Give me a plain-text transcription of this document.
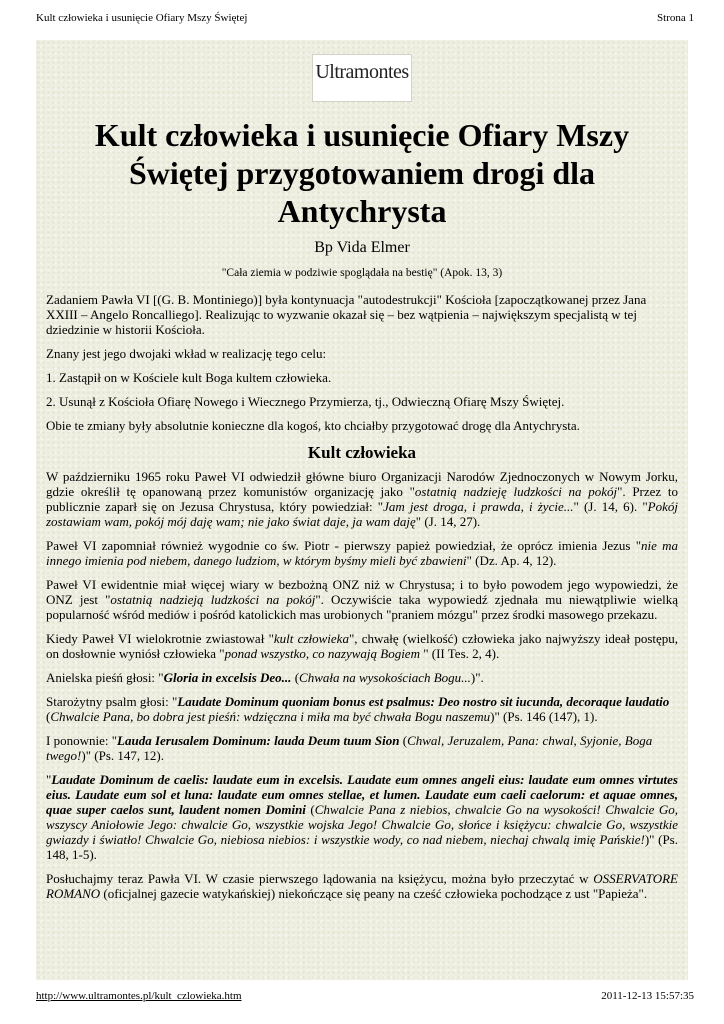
Kult człowieka i usunięcie Ofiary Mszy Świętej	Strona 1
Ultramontes
Kult człowieka i usunięcie Ofiary Mszy Świętej przygotowaniem drogi dla Antychrysta
Bp Vida Elmer
"Cała ziemia w podziwie spoglądała na bestię" (Apok. 13, 3)

Zadaniem Pawła VI [(G. B. Montiniego)] była kontynuacja "autodestrukcji" Kościoła [zapoczątkowanej przez Jana XXIII – Angelo Roncalliego]. Realizując to wyzwanie okazał się – bez wątpienia – największym specjalistą w tej dziedzinie w historii Kościoła.

Znany jest jego dwojaki wkład w realizację tego celu:

1. Zastąpił on w Kościele kult Boga kultem człowieka.

2. Usunął z Kościoła Ofiarę Nowego i Wiecznego Przymierza, tj., Odwieczną Ofiarę Mszy Świętej.

Obie te zmiany były absolutnie konieczne dla kogoś, kto chciałby przygotować drogę dla Antychrysta.

Kult człowieka

W październiku 1965 roku Paweł VI odwiedził główne biuro Organizacji Narodów Zjednoczonych w Nowym Jorku, gdzie określił tę opanowaną przez komunistów organizację jako "ostatnią nadzieję ludzkości na pokój". Przez to publicznie zaparł się on Jezusa Chrystusa, który powiedział: "Jam jest droga, i prawda, i życie..." (J. 14, 6). "Pokój zostawiam wam, pokój mój daję wam; nie jako świat daje, ja wam daję" (J. 14, 27).

Paweł VI zapomniał również wygodnie co św. Piotr - pierwszy papież powiedział, że oprócz imienia Jezus "nie ma innego imienia pod niebem, danego ludziom, w którym byśmy mieli być zbawieni" (Dz. Ap. 4, 12).

Paweł VI ewidentnie miał więcej wiary w bezbożną ONZ niż w Chrystusa; i to było powodem jego wypowiedzi, że ONZ jest "ostatnią nadzieją ludzkości na pokój". Oczywiście taka wypowiedź zjednała mu niewątpliwie wielką popularność wśród mediów i pośród katolickich mas urobionych "praniem mózgu" przez środki masowego przekazu.

Kiedy Paweł VI wielokrotnie zwiastował "kult człowieka", chwałę (wielkość) człowieka jako najwyższy ideał postępu, on dosłownie wyniósł człowieka "ponad wszystko, co nazywają Bogiem " (II Tes. 2, 4).

Anielska pieśń głosi: "Gloria in excelsis Deo... (Chwała na wysokościach Bogu...)".

Starożytny psalm głosi: "Laudate Dominum quoniam bonus est psalmus: Deo nostro sit iucunda, decoraque laudatio (Chwalcie Pana, bo dobra jest pieśń: wdzięczna i miła ma być chwała Bogu naszemu)" (Ps. 146 (147), 1).

I ponownie: "Lauda Ierusalem Dominum: lauda Deum tuum Sion (Chwal, Jeruzalem, Pana: chwal, Syjonie, Boga twego!)" (Ps. 147, 12).

"Laudate Dominum de caelis: laudate eum in excelsis. Laudate eum omnes angeli eius: laudate eum omnes virtutes eius. Laudate eum sol et luna: laudate eum omnes stellae, et lumen. Laudate eum caeli caelorum: et aquae omnes, quae super caelos sunt, laudent nomen Domini (Chwalcie Pana z niebios, chwalcie Go na wysokości! Chwalcie Go, wszyscy Aniołowie Jego: chwalcie Go, wszystkie wojska Jego! Chwalcie Go, słońce i księżycu: chwalcie Go, wszystkie gwiazdy i światło! Chwalcie Go, niebiosa niebios: i wszystkie wody, co nad niebem, niechaj chwalą imię Pańskie!)" (Ps. 148, 1-5).

Posłuchajmy teraz Pawła VI. W czasie pierwszego lądowania na księżycu, można było przeczytać w OSSERVATORE ROMANO (oficjalnej gazecie watykańskiej) niekończące się peany na cześć człowieka pochodzące z ust "Papieża".

http://www.ultramontes.pl/kult_czlowieka.htm	2011-12-13 15:57:35
